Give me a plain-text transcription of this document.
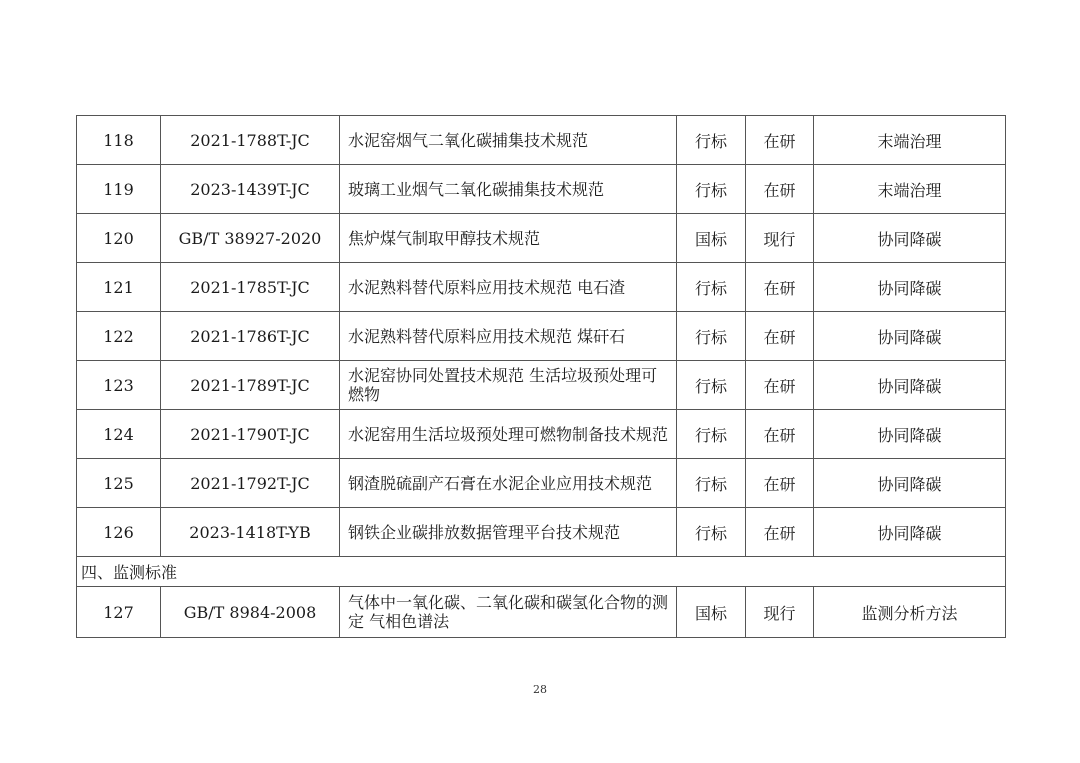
118	2021-1788T-JC	水泥窑烟气二氧化碳捕集技术规范	行标	在研	末端治理
119	2023-1439T-JC	玻璃工业烟气二氧化碳捕集技术规范	行标	在研	末端治理
120	GB/T 38927-2020	焦炉煤气制取甲醇技术规范	国标	现行	协同降碳
121	2021-1785T-JC	水泥熟料替代原料应用技术规范 电石渣	行标	在研	协同降碳
122	2021-1786T-JC	水泥熟料替代原料应用技术规范 煤矸石	行标	在研	协同降碳
123	2021-1789T-JC	水泥窑协同处置技术规范 生活垃圾预处理可燃物	行标	在研	协同降碳
124	2021-1790T-JC	水泥窑用生活垃圾预处理可燃物制备技术规范	行标	在研	协同降碳
125	2021-1792T-JC	钢渣脱硫副产石膏在水泥企业应用技术规范	行标	在研	协同降碳
126	2023-1418T-YB	钢铁企业碳排放数据管理平台技术规范	行标	在研	协同降碳
四、监测标准					
127	GB/T 8984-2008	气体中一氧化碳、二氧化碳和碳氢化合物的测定 气相色谱法	国标	现行	监测分析方法
28
